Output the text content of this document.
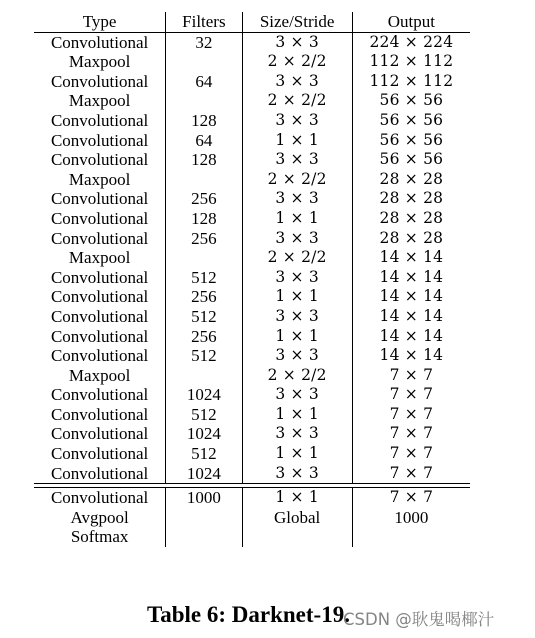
Type	Filters	Size/Stride	Output
Convolutional	32	3 × 3	224 × 224
Maxpool		2 × 2/2	112 × 112
Convolutional	64	3 × 3	112 × 112
Maxpool		2 × 2/2	56 × 56
Convolutional	128	3 × 3	56 × 56
Convolutional	64	1 × 1	56 × 56
Convolutional	128	3 × 3	56 × 56
Maxpool		2 × 2/2	28 × 28
Convolutional	256	3 × 3	28 × 28
Convolutional	128	1 × 1	28 × 28
Convolutional	256	3 × 3	28 × 28
Maxpool		2 × 2/2	14 × 14
Convolutional	512	3 × 3	14 × 14
Convolutional	256	1 × 1	14 × 14
Convolutional	512	3 × 3	14 × 14
Convolutional	256	1 × 1	14 × 14
Convolutional	512	3 × 3	14 × 14
Maxpool		2 × 2/2	7 × 7
Convolutional	1024	3 × 3	7 × 7
Convolutional	512	1 × 1	7 × 7
Convolutional	1024	3 × 3	7 × 7
Convolutional	512	1 × 1	7 × 7
Convolutional	1024	3 × 3	7 × 7

Convolutional	1000	1 × 1	7 × 7
Avgpool		Global	1000
Softmax			
Table 6: Darknet-19.
CSDN @耿鬼喝椰汁
